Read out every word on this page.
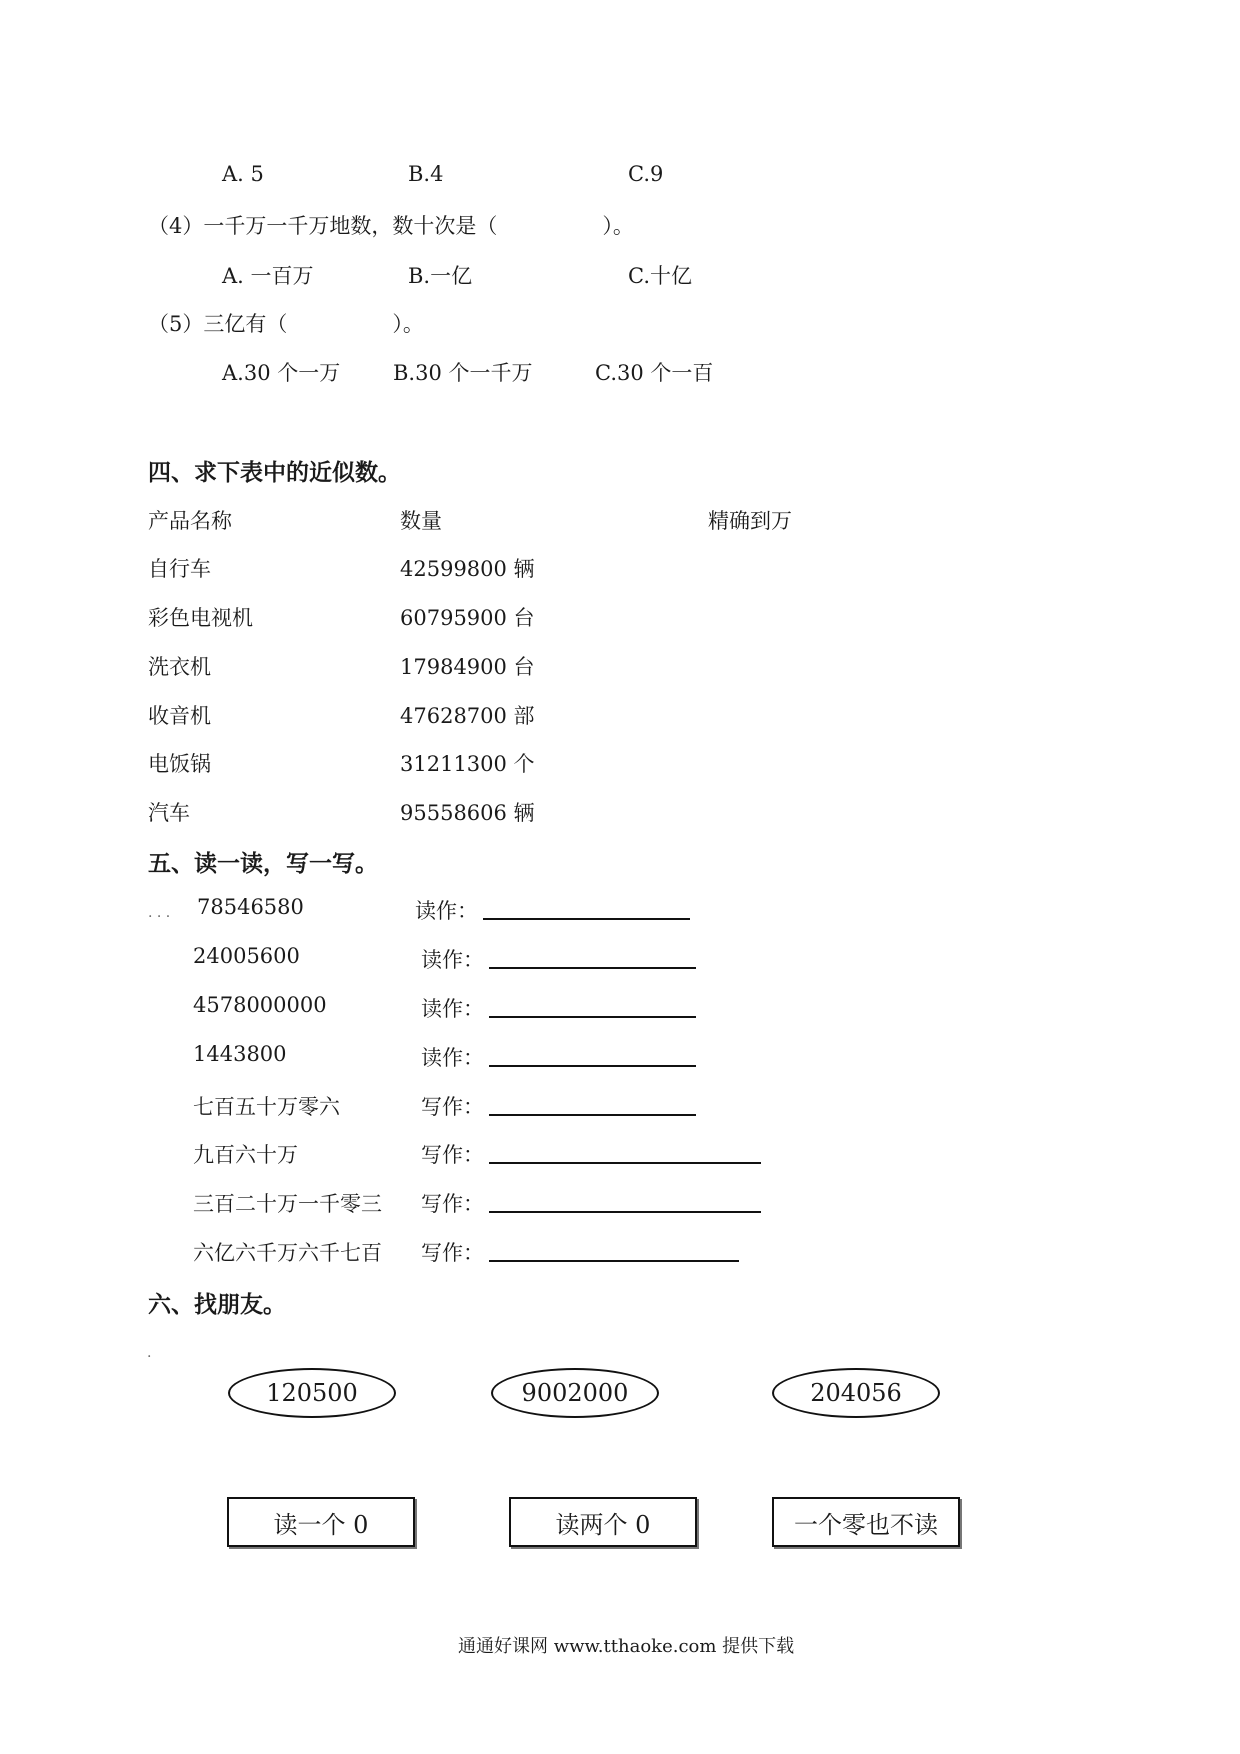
A. 5	B.4	C.9
（4）一千万一千万地数，数十次是（　　　　　）。
A. 一百万	B.一亿	C.十亿
（5）三亿有（　　　　　）。
A.30 个一万	B.30 个一千万	C.30 个一百
四、求下表中的近似数。
产品名称	数量	精确到万
自行车	42599800 辆
彩色电视机	60795900 台
洗衣机	17984900 台
收音机	47628700 部
电饭锅	31211300 个
汽车	95558606 辆
五、读一读，写一写。
. . . 78546580	读作：
24005600	读作：
4578000000	读作：
1443800	读作：
七百五十万零六	写作：
九百六十万	写作：
三百二十万一千零三 写作：
六亿六千万六千七百 写作：
六、找朋友。
.
120500	9002000	204056
读一个 0	读两个 0	一个零也不读
通通好课网 www.tthaoke.com 提供下载
